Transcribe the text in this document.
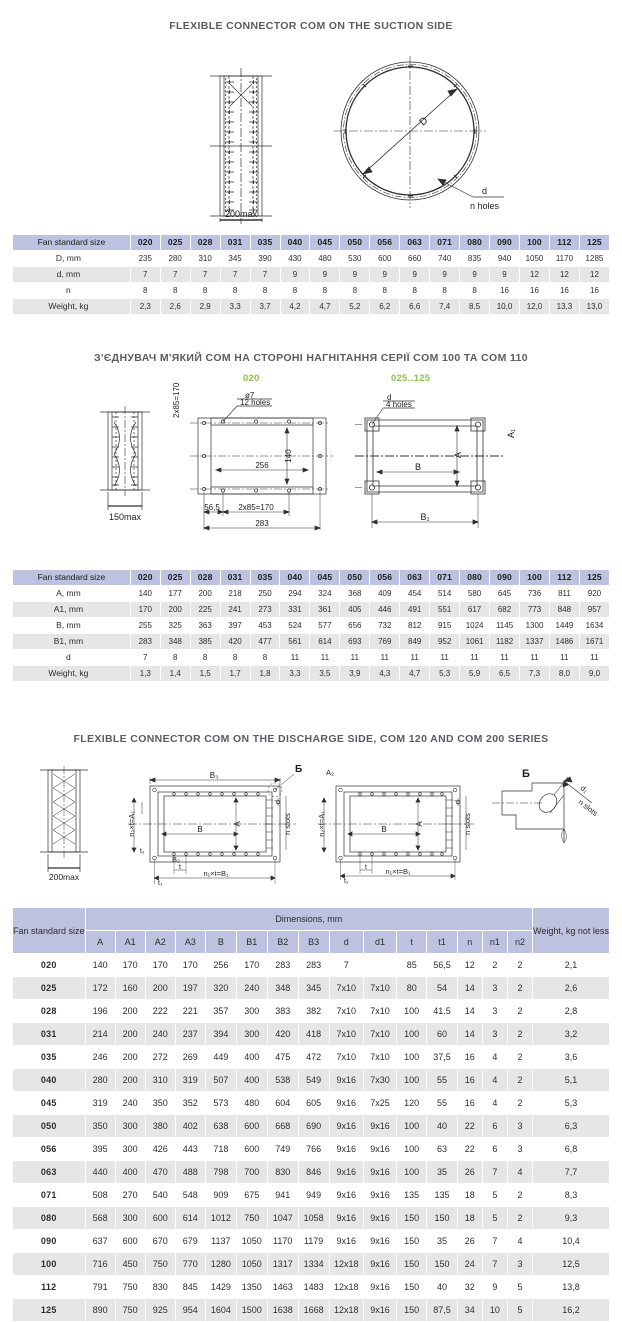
FLEXIBLE CONNECTOR COM ON THE SUCTION SIDE
200max
D
d
n holes
Fan standard size	020	025	028	031	035	040	045	050	056	063	071	080	090	100	112	125
D, mm	235	280	310	345	390	430	480	530	600	660	740	835	940	1050	1170	1285
d, mm	7	7	7	7	7	9	9	9	9	9	9	9	9	12	12	12
n	8	8	8	8	8	8	8	8	8	8	8	8	16	16	16	16
Weight, kg	2,3	2,6	2,9	3,3	3,7	4,2	4,7	5,2	6,2	6,6	7,4	8,5	10,0	12,0	13,3	13,0
З'ЄДНУВАЧ М'ЯКИЙ COM НА СТОРОНІ НАГНІТАННЯ СЕРІЇ COM 100 ТА COM 110
020	025..125
150max
ø7
12 holes
140
256
56,5 2x85=170
283
2x85=170	d
4 holes
A
B
B₁
A₁
Fan standard size	020	025	028	031	035	040	045	050	056	063	071	080	090	100	112	125
A, mm	140	177	200	218	250	294	324	368	409	454	514	580	645	736	811	920
A1, mm	170	200	225	241	273	331	361	405	446	491	551	617	682	773	848	957
B, mm	255	325	363	397	453	524	577	656	732	812	915	1024	1145	1300	1449	1634
B1, mm	283	348	385	420	477	561	614	693	769	849	952	1061	1182	1337	1486	1671
d	7	8	8	8	8	11	11	11	11	11	11	11	11	11	11	11
Weight, kg	1,3	1,4	1,5	1,7	1,8	3,3	3,5	3,9	4,3	4,7	5,3	5,9	6,5	7,3	8,0	9,0
FLEXIBLE CONNECTOR COM ON THE DISCHARGE SIDE, COM 120 AND COM 200 SERIES
200max
B₃
A
B
t
t₁
n₁×t=B₁
n₂×t=A₁
d
n slots
Б
t₁
B₂
A
B
t
t₁
n₁×t=B₁
n₂×t=A₁
d
n slots
A₂	Б
d₁
n slots
Fan standard size	Dimensions, mm															Weight, kg not less
	A	A1	A2	A3	B	B1	B2	B3	d	d1	t	t1	n	n1	n2	
020	140	170	170	170	256	170	283	283	7		85	56,5	12	2	2	2,1
025	172	160	200	197	320	240	348	345	7x10	7x10	80	54	14	3	2	2,6
028	196	200	222	221	357	300	383	382	7x10	7x10	100	41.5	14	3	2	2,8
031	214	200	240	237	394	300	420	418	7x10	7x10	100	60	14	3	2	3,2
035	246	200	272	269	449	400	475	472	7x10	7x10	100	37,5	16	4	2	3,6
040	280	200	310	319	507	400	538	549	9x16	7x30	100	55	16	4	2	5,1
045	319	240	350	352	573	480	604	605	9x16	7x25	120	55	16	4	2	5,3
050	350	300	380	402	638	600	668	690	9x16	9x16	100	40	22	6	3	6,3
056	395	300	426	443	718	600	749	766	9x16	9x16	100	63	22	6	3	6,8
063	440	400	470	488	798	700	830	846	9x16	9x16	100	35	26	7	4	7,7
071	508	270	540	548	909	675	941	949	9x16	9x16	135	135	18	5	2	8,3
080	568	300	600	614	1012	750	1047	1058	9x16	9x16	150	150	18	5	2	9,3
090	637	600	670	679	1137	1050	1170	1179	9x16	9x16	150	35	26	7	4	10,4
100	716	450	750	770	1280	1050	1317	1334	12x18	9x16	150	150	24	7	3	12,5
112	791	750	830	845	1429	1350	1463	1483	12x18	9x16	150	40	32	9	5	13,8
125	890	750	925	954	1604	1500	1638	1668	12x18	9x16	150	87,5	34	10	5	16,2
